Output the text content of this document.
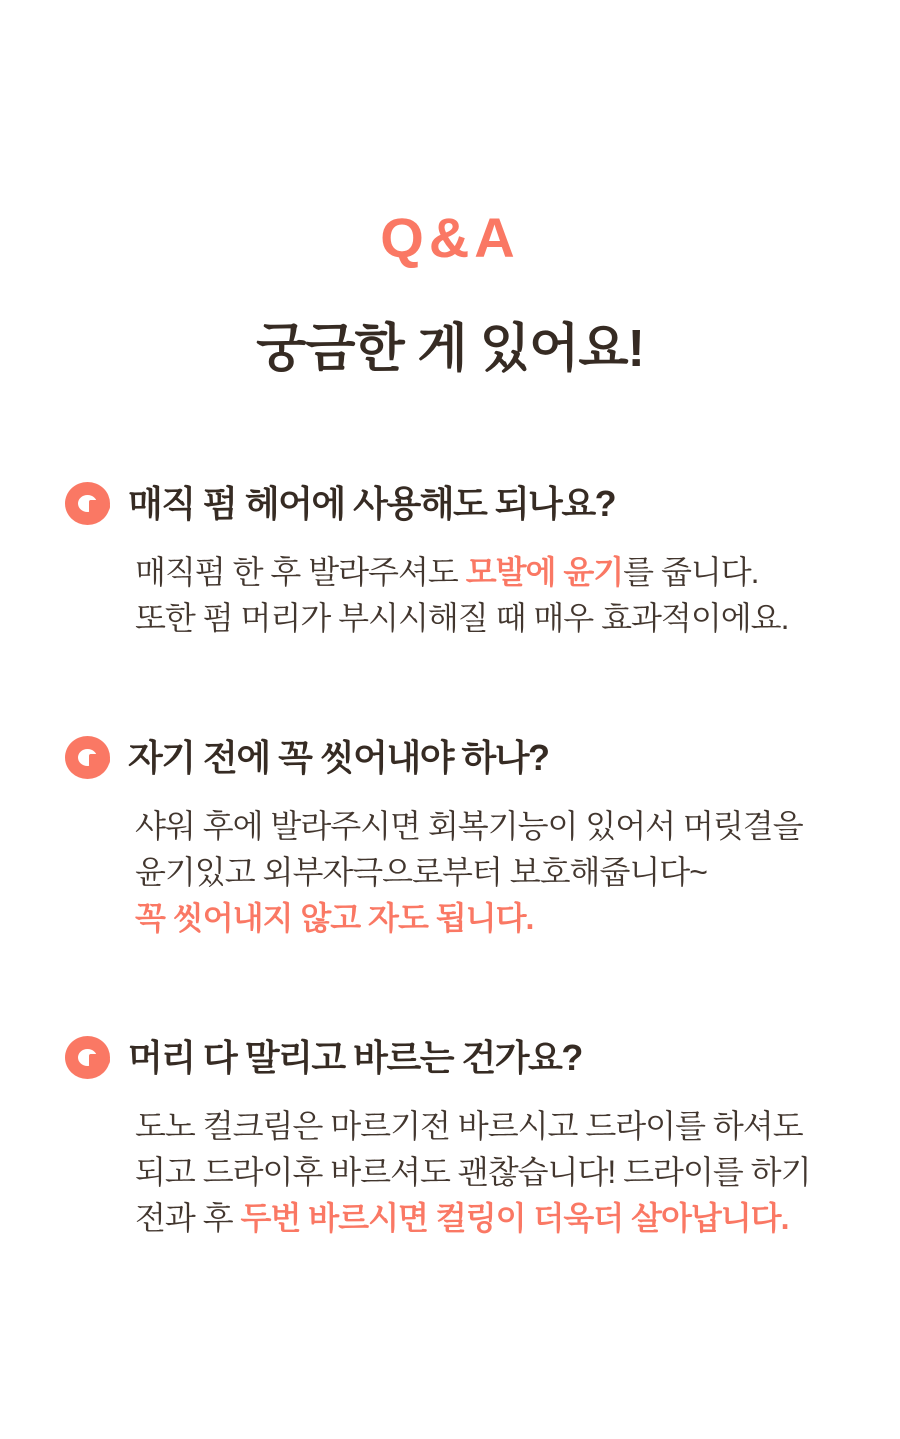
Q&A
궁금한 게 있어요!
매직 펌 헤어에 사용해도 되나요?

매직펌 한 후 발라주셔도 모발에 윤기를 줍니다.
또한 펌 머리가 부시시해질 때 매우 효과적이에요.

자기 전에 꼭 씻어내야 하나?

샤워 후에 발라주시면 회복기능이 있어서 머릿결을
윤기있고 외부자극으로부터 보호해줍니다~
꼭 씻어내지 않고 자도 됩니다.

머리 다 말리고 바르는 건가요?

도노 컬크림은 마르기전 바르시고 드라이를 하셔도
되고 드라이후 바르셔도 괜찮습니다! 드라이를 하기
전과 후 두번 바르시면 컬링이 더욱더 살아납니다.
